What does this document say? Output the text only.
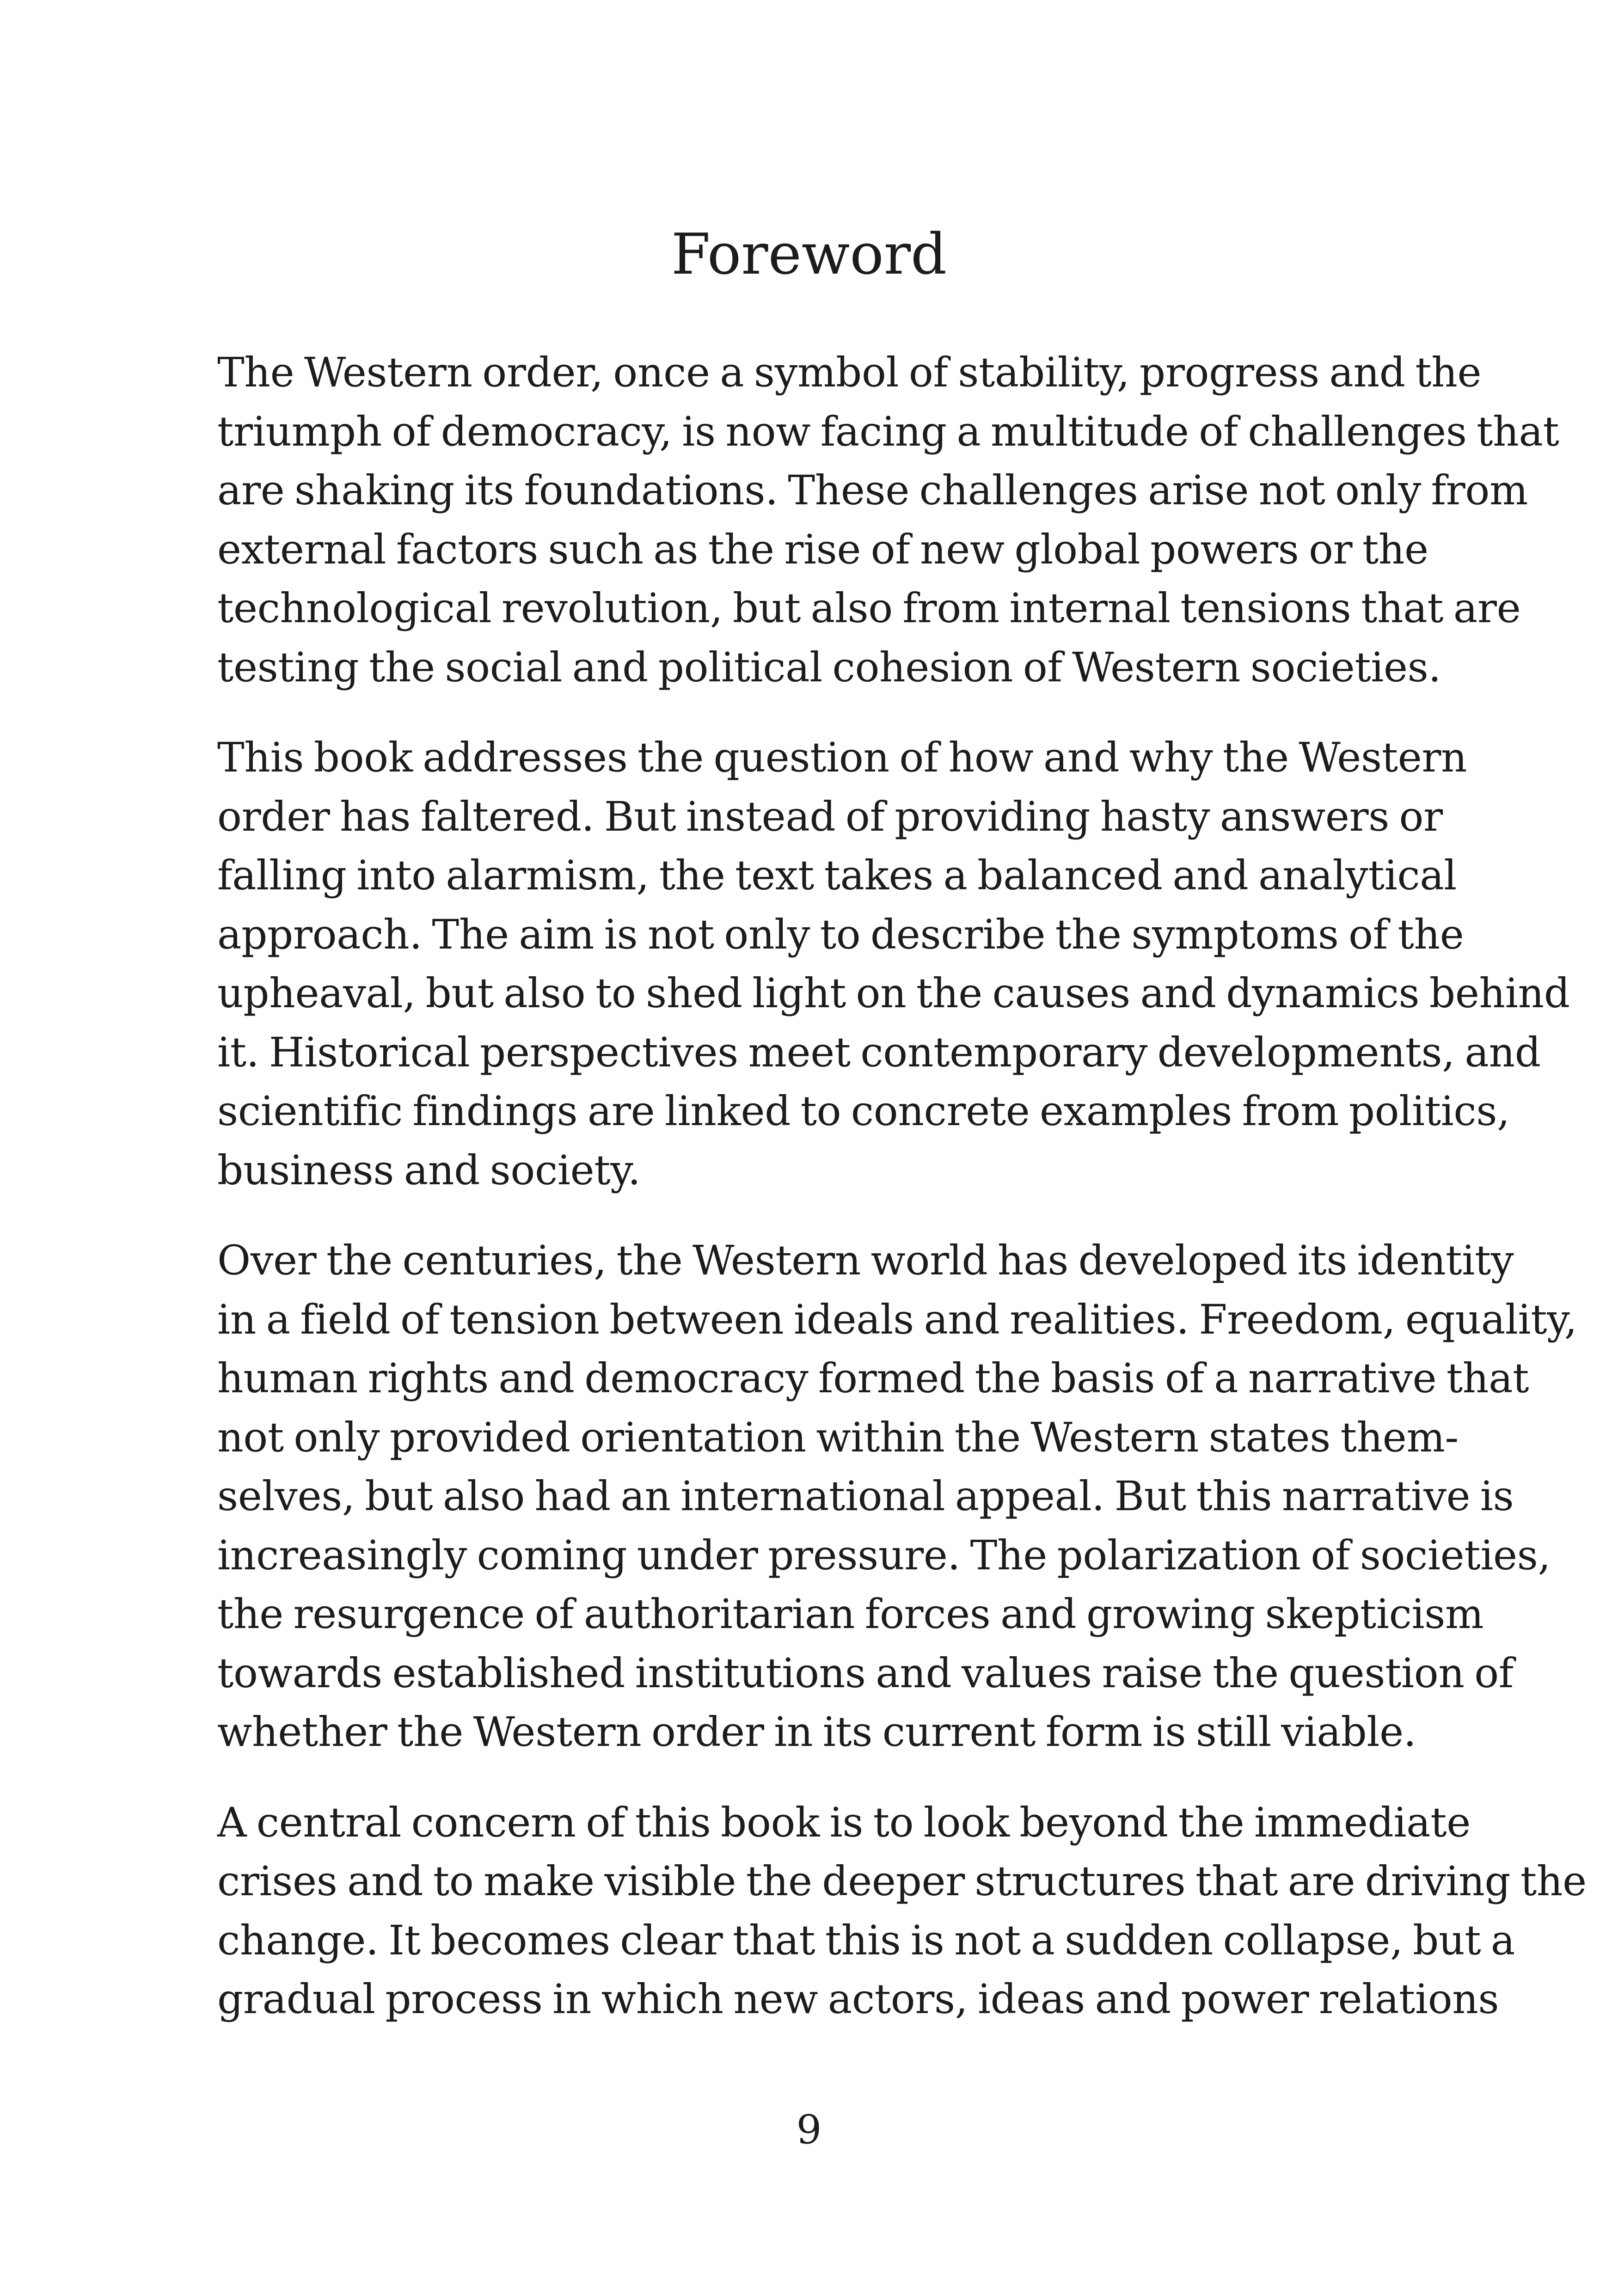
Foreword

The Western order, once a symbol of stability, progress and the
triumph of democracy, is now facing a multitude of challenges that
are shaking its foundations. These challenges arise not only from
external factors such as the rise of new global powers or the
technological revolution, but also from internal tensions that are
testing the social and political cohesion of Western societies.

This book addresses the question of how and why the Western
order has faltered. But instead of providing hasty answers or
falling into alarmism, the text takes a balanced and analytical
approach. The aim is not only to describe the symptoms of the
upheaval, but also to shed light on the causes and dynamics behind
it. Historical perspectives meet contemporary developments, and
scientific findings are linked to concrete examples from politics,
business and society.

Over the centuries, the Western world has developed its identity
in a field of tension between ideals and realities. Freedom, equality,
human rights and democracy formed the basis of a narrative that
not only provided orientation within the Western states them-
selves, but also had an international appeal. But this narrative is
increasingly coming under pressure. The polarization of societies,
the resurgence of authoritarian forces and growing skepticism
towards established institutions and values raise the question of
whether the Western order in its current form is still viable.

A central concern of this book is to look beyond the immediate
crises and to make visible the deeper structures that are driving the
change. It becomes clear that this is not a sudden collapse, but a
gradual process in which new actors, ideas and power relations

9
